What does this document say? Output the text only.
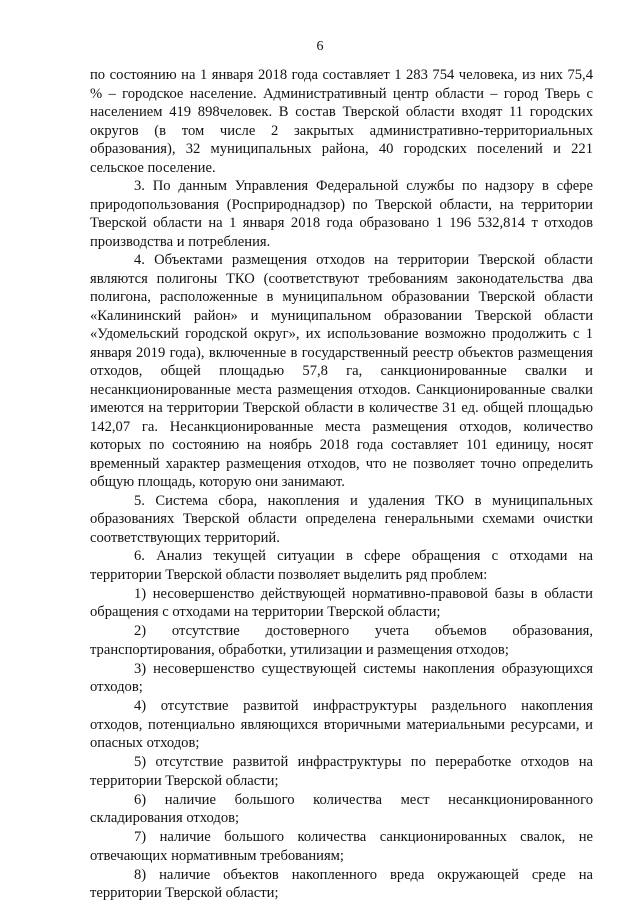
6

по состоянию на 1 января 2018 года составляет 1 283 754 человека, из них 75,4 % – городское население. Административный центр области – город Тверь с населением 419 898человек. В состав Тверской области входят 11 городских округов (в том числе 2 закрытых административно-территориальных образования), 32 муниципальных района, 40 городских поселений и 221 сельское поселение.

3. По данным Управления Федеральной службы по надзору в сфере природопользования (Росприроднадзор) по Тверской области, на территории Тверской области на 1 января 2018 года образовано 1 196 532,814 т отходов производства и потребления.

4. Объектами размещения отходов на территории Тверской области являются полигоны ТКО (соответствуют требованиям законодательства два полигона, расположенные в муниципальном образовании Тверской области «Калининский район» и муниципальном образовании Тверской области «Удомельский городской округ», их использование возможно продолжить с 1 января 2019 года), включенные в государственный реестр объектов размещения отходов, общей площадью 57,8 га, санкционированные свалки и несанкционированные места размещения отходов. Санкционированные свалки имеются на территории Тверской области в количестве 31 ед. общей площадью 142,07 га. Несанкционированные места размещения отходов, количество которых по состоянию на ноябрь 2018 года составляет 101 единицу, носят временный характер размещения отходов, что не позволяет точно определить общую площадь, которую они занимают.

5. Система сбора, накопления и удаления ТКО в муниципальных образованиях Тверской области определена генеральными схемами очистки соответствующих территорий.

6. Анализ текущей ситуации в сфере обращения с отходами на территории Тверской области позволяет выделить ряд проблем:

1) несовершенство действующей нормативно-правовой базы в области обращения с отходами на территории Тверской области;

2) отсутствие достоверного учета объемов образования, транспортирования, обработки, утилизации и размещения отходов;

3) несовершенство существующей системы накопления образующихся отходов;

4) отсутствие развитой инфраструктуры раздельного накопления отходов, потенциально являющихся вторичными материальными ресурсами, и опасных отходов;

5) отсутствие развитой инфраструктуры по переработке отходов на территории Тверской области;

6) наличие большого количества мест несанкционированного складирования отходов;

7) наличие большого количества санкционированных свалок, не отвечающих нормативным требованиям;

8) наличие объектов накопленного вреда окружающей среде на территории Тверской области;
